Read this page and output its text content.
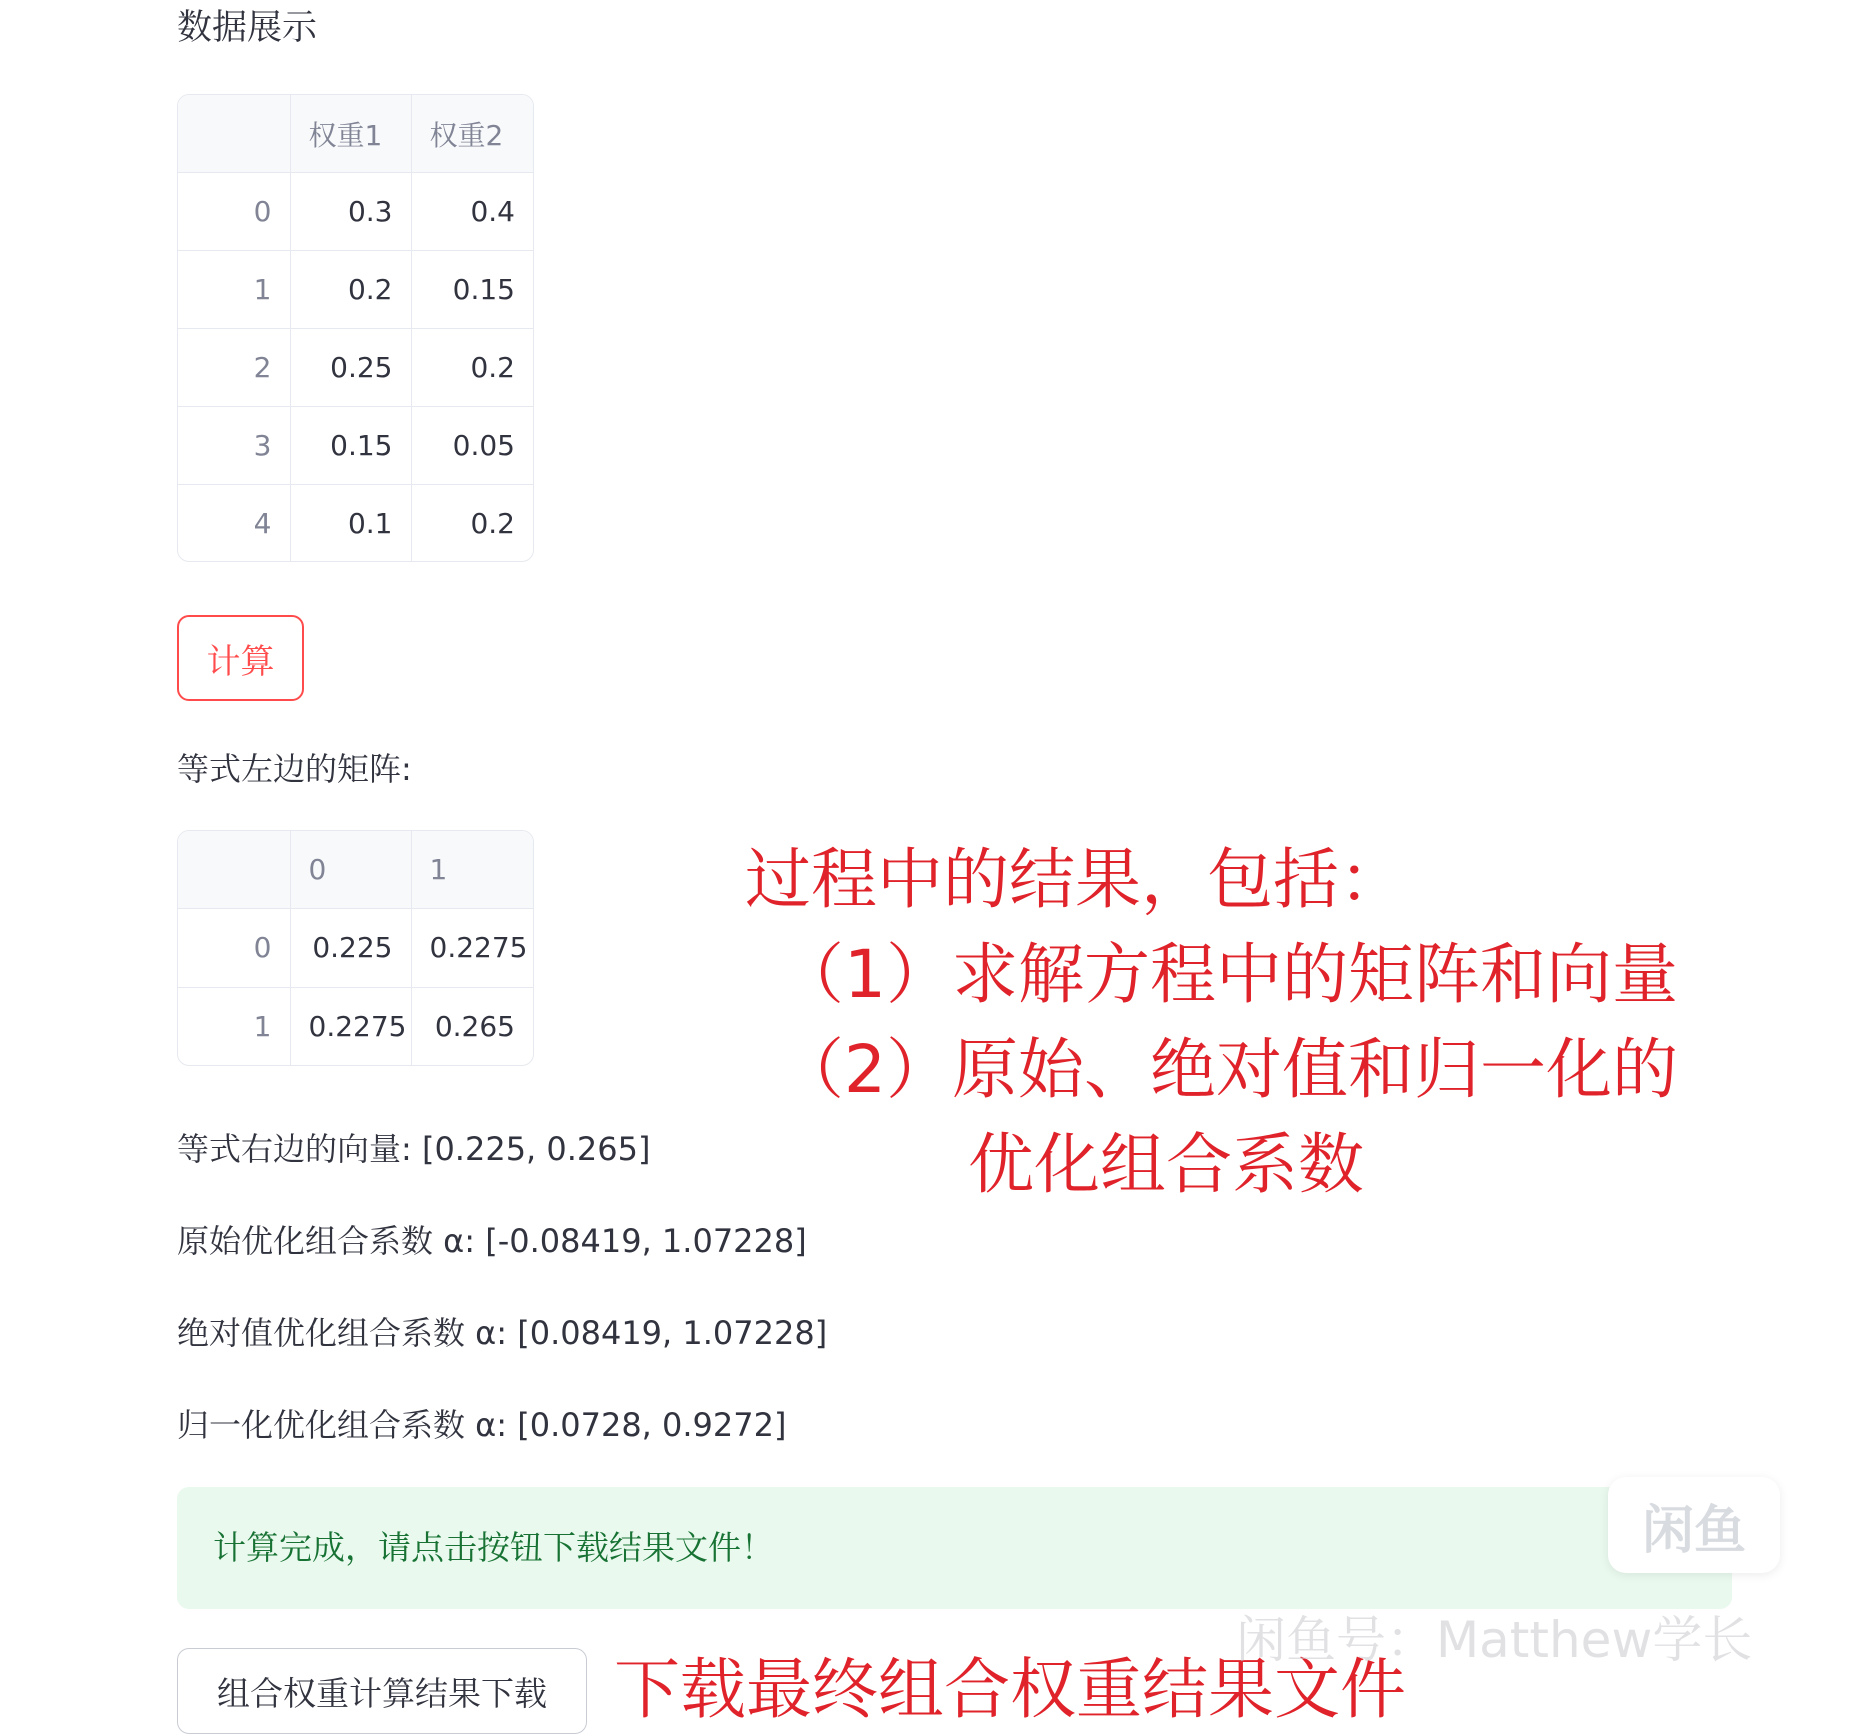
数据展示
	权重1	权重2
0	0.3	0.4
1	0.2	0.15
2	0.25	0.2
3	0.15	0.05
4	0.1	0.2
计算
等式左边的矩阵:
	0	1
0	0.225	0.2275
1	0.2275	0.265
等式右边的向量: [0.225, 0.265]
原始优化组合系数 α: [-0.08419, 1.07228]
绝对值优化组合系数 α: [0.08419, 1.07228]
归一化优化组合系数 α: [0.0728, 0.9272]
计算完成，请点击按钮下载结果文件！
组合权重计算结果下载
过程中的结果，包括：
（1）求解方程中的矩阵和向量
（2）原始、绝对值和归一化的
优化组合系数
下载最终组合权重结果文件
闲鱼
闲鱼号：Matthew学长
